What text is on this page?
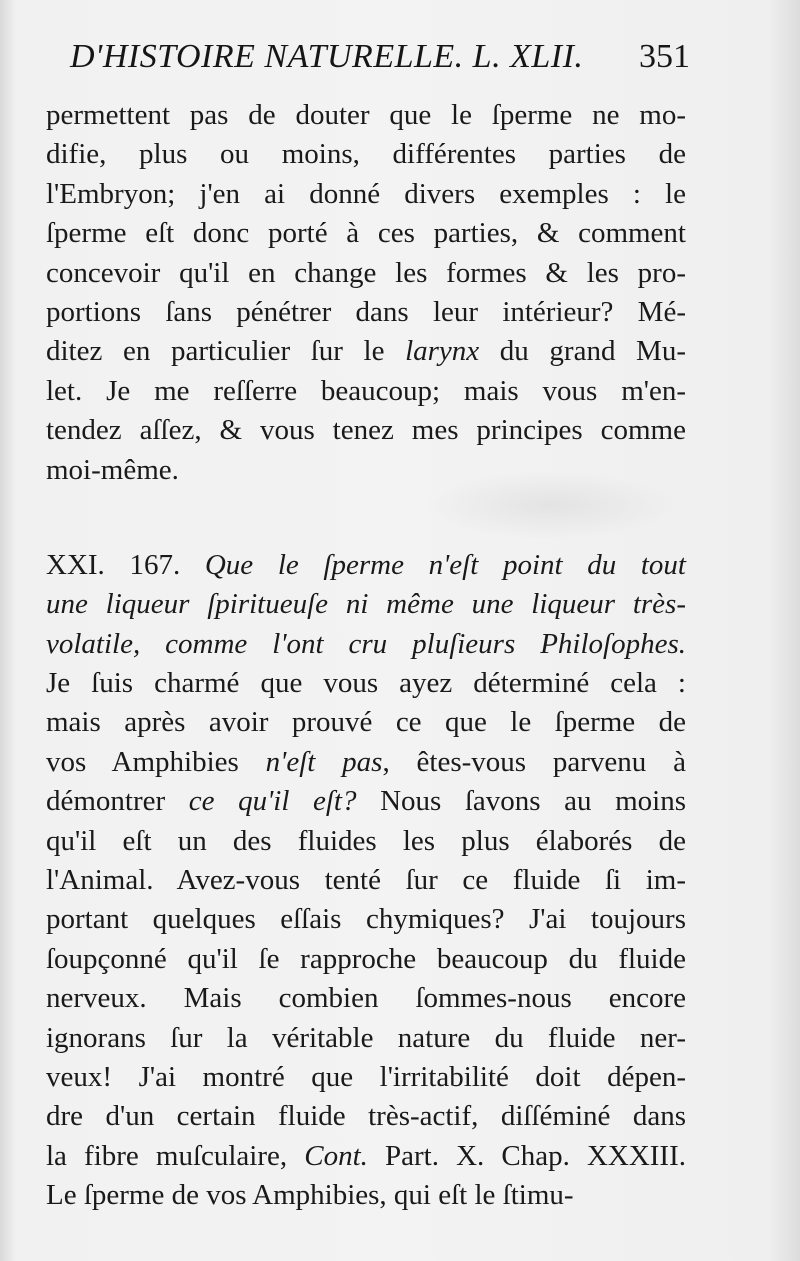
D'HISTOIRE NATURELLE. L. XLII. 351
permettent pas de douter que le ſperme ne mo-
difie, plus ou moins, différentes parties de
l'Embryon; j'en ai donné divers exemples : le
ſperme eſt donc porté à ces parties, & comment
concevoir qu'il en change les formes & les pro-
portions ſans pénétrer dans leur intérieur? Mé-
ditez en particulier ſur le larynx du grand Mu-
let. Je me reſſerre beaucoup; mais vous m'en-
tendez aſſez, & vous tenez mes principes comme
moi-même.
XXI. 167. Que le ſperme n'eſt point du tout
une liqueur ſpiritueuſe ni même une liqueur très-
volatile, comme l'ont cru pluſieurs Philoſophes.
Je ſuis charmé que vous ayez déterminé cela :
mais après avoir prouvé ce que le ſperme de
vos Amphibies n'eſt pas, êtes-vous parvenu à
démontrer ce qu'il eſt? Nous ſavons au moins
qu'il eſt un des fluides les plus élaborés de
l'Animal. Avez-vous tenté ſur ce fluide ſi im-
portant quelques eſſais chymiques? J'ai toujours
ſoupçonné qu'il ſe rapproche beaucoup du fluide
nerveux. Mais combien ſommes-nous encore
ignorans ſur la véritable nature du fluide ner-
veux! J'ai montré que l'irritabilité doit dépen-
dre d'un certain fluide très-actif, diſſéminé dans
la fibre muſculaire, Cont. Part. X. Chap. XXXIII.
Le ſperme de vos Amphibies, qui eſt le ſtimu-
